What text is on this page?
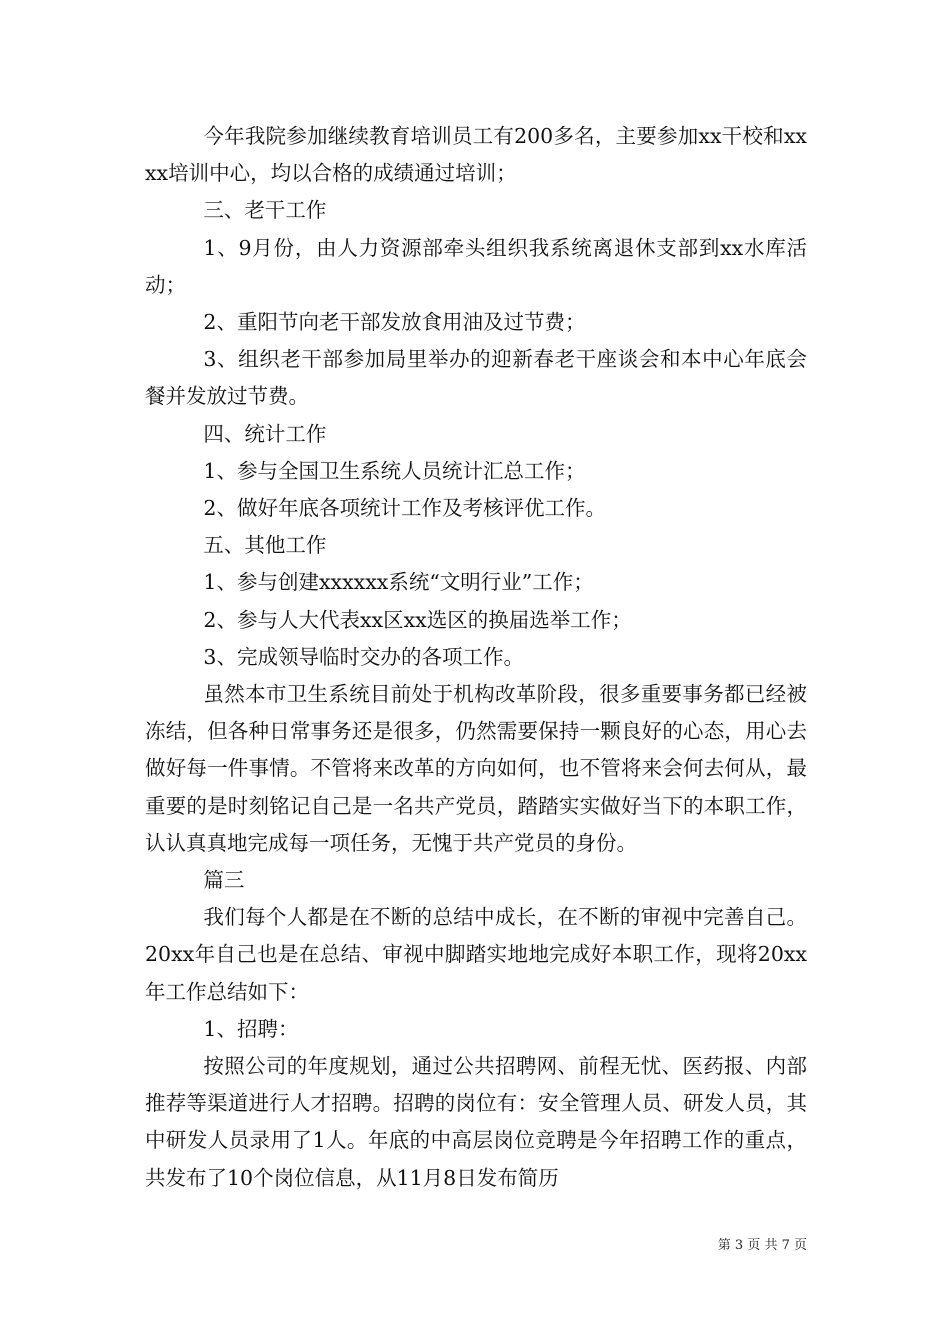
今年我院参加继续教育培训员工有200多名，主要参加xx干校和xxxx培训中心，均以合格的成绩通过培训；

三、老干工作

1、9月份，由人力资源部牵头组织我系统离退休支部到xx水库活动；

2、重阳节向老干部发放食用油及过节费；

3、组织老干部参加局里举办的迎新春老干座谈会和本中心年底会餐并发放过节费。

四、统计工作

1、参与全国卫生系统人员统计汇总工作；

2、做好年底各项统计工作及考核评优工作。

五、其他工作

1、参与创建xxxxxx系统“文明行业”工作；

2、参与人大代表xx区xx选区的换届选举工作；

3、完成领导临时交办的各项工作。

虽然本市卫生系统目前处于机构改革阶段，很多重要事务都已经被冻结，但各种日常事务还是很多，仍然需要保持一颗良好的心态，用心去做好每一件事情。不管将来改革的方向如何，也不管将来会何去何从，最重要的是时刻铭记自己是一名共产党员，踏踏实实做好当下的本职工作，认认真真地完成每一项任务，无愧于共产党员的身份。

篇三

我们每个人都是在不断的总结中成长，在不断的审视中完善自己。20xx年自己也是在总结、审视中脚踏实地地完成好本职工作，现将20xx年工作总结如下：

1、招聘：

按照公司的年度规划，通过公共招聘网、前程无忧、医药报、内部推荐等渠道进行人才招聘。招聘的岗位有：安全管理人员、研发人员，其中研发人员录用了1人。年底的中高层岗位竞聘是今年招聘工作的重点，共发布了10个岗位信息，从11月8日发布简历

第 3 页 共 7 页
